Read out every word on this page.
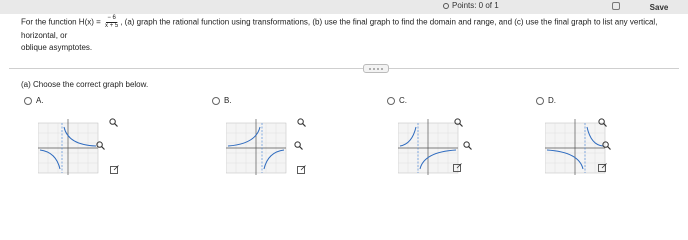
Points: 0 of 1	Save
For the function $H(x) = \frac{- 6}{x + 5}$ , (a) graph the rational function using transformations, (b) use the final graph to find the domain and range, and (c) use the final graph to list any vertical, horizontal, or
oblique asymptotes.
(a) Choose the correct graph below.
A.	B.	C.	D.
